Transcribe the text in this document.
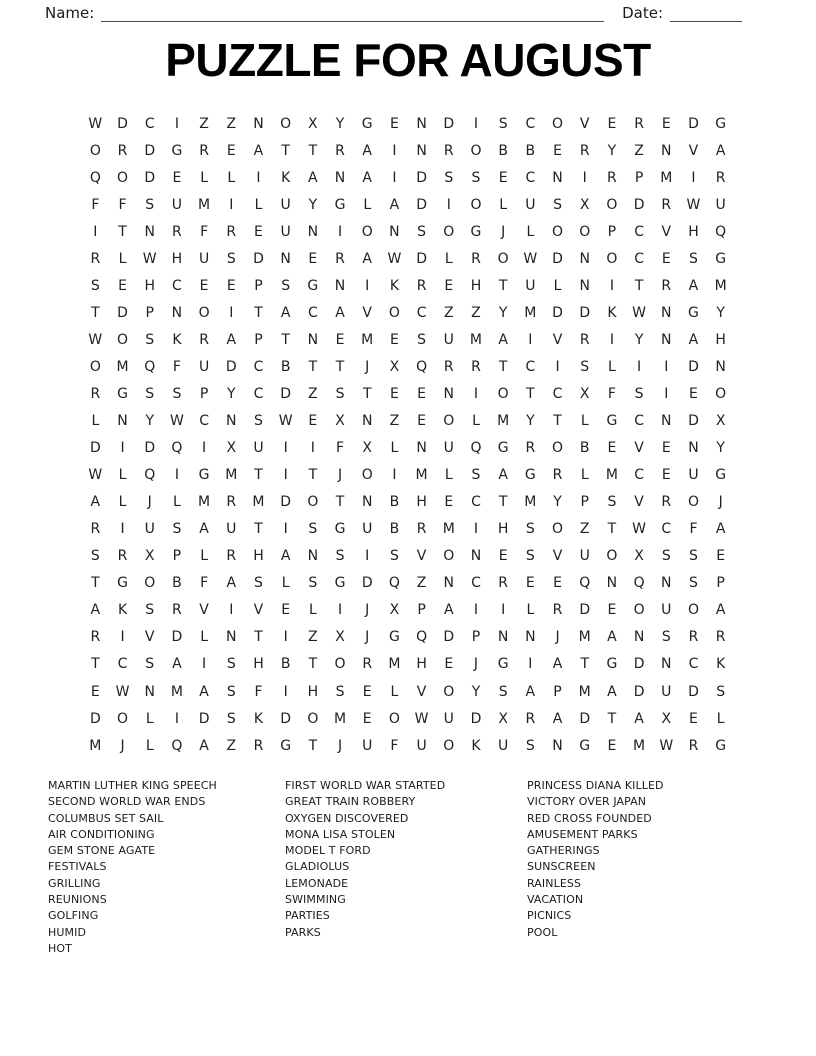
Name:	Date:
PUZZLE FOR AUGUST
W	D	C	I	Z	Z	N	O	X	Y	G	E	N	D	I	S	C	O	V	E	R	E	D	G
O	R	D	G	R	E	A	T	T	R	A	I	N	R	O	B	B	E	R	Y	Z	N	V	A
Q	O	D	E	L	L	I	K	A	N	A	I	D	S	S	E	C	N	I	R	P	M	I	R
F	F	S	U	M	I	L	U	Y	G	L	A	D	I	O	L	U	S	X	O	D	R	W	U
I	T	N	R	F	R	E	U	N	I	O	N	S	O	G	J	L	O	O	P	C	V	H	Q
R	L	W	H	U	S	D	N	E	R	A	W	D	L	R	O	W	D	N	O	C	E	S	G
S	E	H	C	E	E	P	S	G	N	I	K	R	E	H	T	U	L	N	I	T	R	A	M
T	D	P	N	O	I	T	A	C	A	V	O	C	Z	Z	Y	M	D	D	K	W	N	G	Y
W	O	S	K	R	A	P	T	N	E	M	E	S	U	M	A	I	V	R	I	Y	N	A	H
O	M	Q	F	U	D	C	B	T	T	J	X	Q	R	R	T	C	I	S	L	I	I	D	N
R	G	S	S	P	Y	C	D	Z	S	T	E	E	N	I	O	T	C	X	F	S	I	E	O
L	N	Y	W	C	N	S	W	E	X	N	Z	E	O	L	M	Y	T	L	G	C	N	D	X
D	I	D	Q	I	X	U	I	I	F	X	L	N	U	Q	G	R	O	B	E	V	E	N	Y
W	L	Q	I	G	M	T	I	T	J	O	I	M	L	S	A	G	R	L	M	C	E	U	G
A	L	J	L	M	R	M	D	O	T	N	B	H	E	C	T	M	Y	P	S	V	R	O	J
R	I	U	S	A	U	T	I	S	G	U	B	R	M	I	H	S	O	Z	T	W	C	F	A
S	R	X	P	L	R	H	A	N	S	I	S	V	O	N	E	S	V	U	O	X	S	S	E
T	G	O	B	F	A	S	L	S	G	D	Q	Z	N	C	R	E	E	Q	N	Q	N	S	P
A	K	S	R	V	I	V	E	L	I	J	X	P	A	I	I	L	R	D	E	O	U	O	A
R	I	V	D	L	N	T	I	Z	X	J	G	Q	D	P	N	N	J	M	A	N	S	R	R
T	C	S	A	I	S	H	B	T	O	R	M	H	E	J	G	I	A	T	G	D	N	C	K
E	W	N	M	A	S	F	I	H	S	E	L	V	O	Y	S	A	P	M	A	D	U	D	S
D	O	L	I	D	S	K	D	O	M	E	O	W	U	D	X	R	A	D	T	A	X	E	L
M	J	L	Q	A	Z	R	G	T	J	U	F	U	O	K	U	S	N	G	E	M	W	R	G
MARTIN LUTHER KING SPEECH
SECOND WORLD WAR ENDS
COLUMBUS SET SAIL
AIR CONDITIONING
GEM STONE AGATE
FESTIVALS
GRILLING
REUNIONS
GOLFING
HUMID
HOT
FIRST WORLD WAR STARTED
GREAT TRAIN ROBBERY
OXYGEN DISCOVERED
MONA LISA STOLEN
MODEL T FORD
GLADIOLUS
LEMONADE
SWIMMING
PARTIES
PARKS
PRINCESS DIANA KILLED
VICTORY OVER JAPAN
RED CROSS FOUNDED
AMUSEMENT PARKS
GATHERINGS
SUNSCREEN
RAINLESS
VACATION
PICNICS
POOL
